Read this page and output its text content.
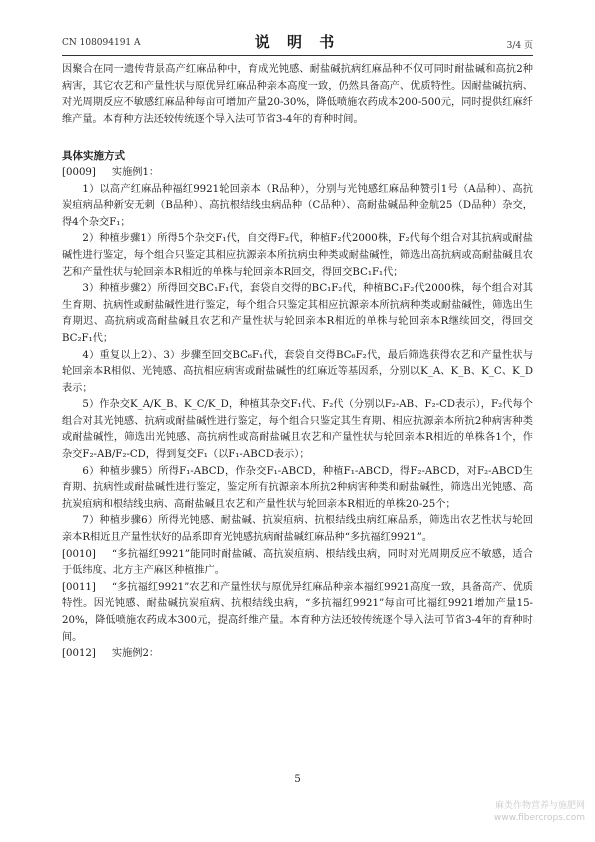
CN 108094191 A	说 明 书	3/4 页

因聚合在同一遗传背景高产红麻品种中，育成光钝感、耐盐碱抗病红麻品种不仅可同时耐盐碱和高抗2种病害，其它农艺和产量性状与原优异红麻品种亲本高度一致，仍然具备高产、优质特性。因耐盐碱抗病、对光周期反应不敏感红麻品种每亩可增加产量20-30%，降低喷施农药成本200-500元，同时提供红麻纤维产量。本育种方法还较传统逐个导入法可节省3-4年的育种时间。

具体实施方式

[0009] 实施例1：

1）以高产红麻品种福红9921轮回亲本（R品种），分别与光钝感红麻品种赞引1号（A品种）、高抗炭疽病品种新安无刺（B品种）、高抗根结线虫病品种（C品种）、高耐盐碱品种金航25（D品种）杂交，得4个杂交F₁；

2）种植步骤1）所得5个杂交F₁代，自交得F₂代，种植F₂代2000株，F₂代每个组合对其抗病或耐盐碱性进行鉴定，每个组合只鉴定其相应抗源亲本所抗病虫种类或耐盐碱性，筛选出高抗病或高耐盐碱且农艺和产量性状与轮回亲本R相近的单株与轮回亲本R回交，得回交BC₁F₁代；

3）种植步骤2）所得回交BC₁F₁代，套袋自交得的BC₁F₂代，种植BC₁F₂代2000株，每个组合对其生育期、抗病性或耐盐碱性进行鉴定，每个组合只鉴定其相应抗源亲本所抗病种类或耐盐碱性，筛选出生育期迟、高抗病或高耐盐碱且农艺和产量性状与轮回亲本R相近的单株与轮回亲本R继续回交，得回交BC₂F₁代；

4）重复以上2）、3）步骤至回交BC₆F₁代，套袋自交得BC₆F₂代，最后筛选获得农艺和产量性状与轮回亲本R相似、光钝感、高抗相应病害或耐盐碱性的红麻近等基因系，分别以K_A、K_B、K_C、K_D表示；

5）作杂交K_A/K_B、K_C/K_D，种植其杂交F₁代、F₂代（分别以F₂-AB、F₂-CD表示），F₂代每个组合对其光钝感、抗病或耐盐碱性进行鉴定，每个组合只鉴定其生育期、相应抗源亲本所抗2种病害种类或耐盐碱性，筛选出光钝感、高抗病性或高耐盐碱且农艺和产量性状与轮回亲本R相近的单株各1个，作杂交F₂-AB/F₂-CD，得到复交F₁（以F₁-ABCD表示）；

6）种植步骤5）所得F₁-ABCD，作杂交F₁-ABCD，种植F₁-ABCD，得F₂-ABCD，对F₂-ABCD生育期、抗病性或耐盐碱性进行鉴定，鉴定所有抗源亲本所抗2种病害种类和耐盐碱性，筛选出光钝感、高抗炭疽病和根结线虫病、高耐盐碱且农艺和产量性状与轮回亲本R相近的单株20-25个；

7）种植步骤6）所得光钝感、耐盐碱、抗炭疽病、抗根结线虫病红麻品系，筛选出农艺性状与轮回亲本R相近且产量性状好的品系即育光钝感抗病耐盐碱红麻品种“多抗福红9921”。

[0010] “多抗福红9921”能同时耐盐碱、高抗炭疽病、根结线虫病，同时对光周期反应不敏感，适合于低纬度、北方主产麻区种植推广。

[0011] “多抗福红9921”农艺和产量性状与原优异红麻品种亲本福红9921高度一致，具备高产、优质特性。因光钝感、耐盐碱抗炭疽病、抗根结线虫病，“多抗福红9921”每亩可比福红9921增加产量15-20%，降低喷施农药成本300元，提高纤维产量。本育种方法还较传统逐个导入法可节省3-4年的育种时间。

[0012] 实施例2：

5
麻类作物营养与施肥网
www.fibercrops.com
